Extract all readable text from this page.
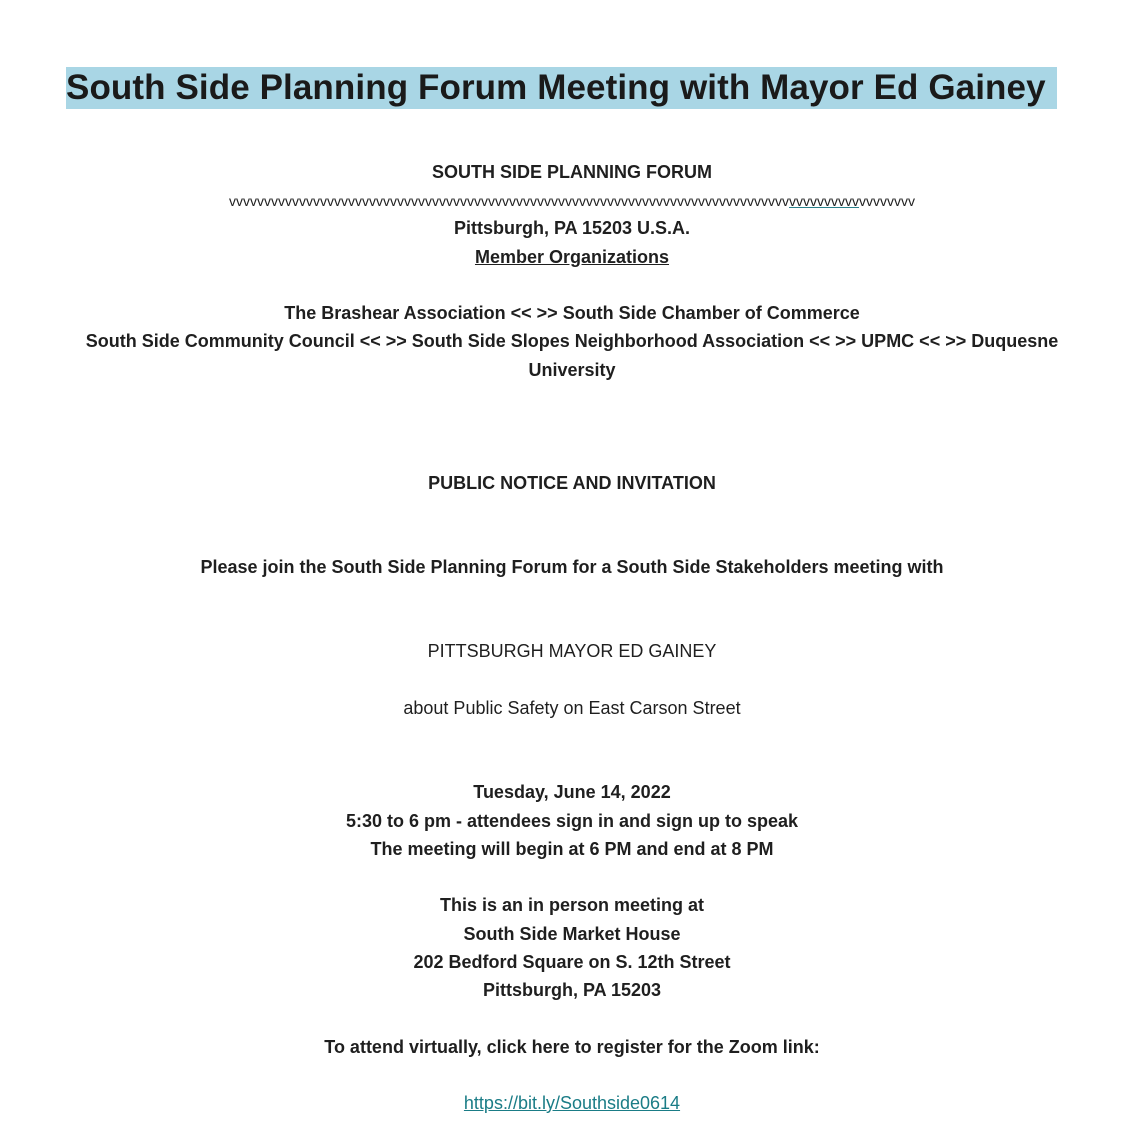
South Side Planning Forum Meeting with Mayor Ed Gainey
SOUTH SIDE PLANNING FORUM
vvvvvvvvvvvvvvvvvvvvvvvvvvvvvvvvvvvvvvvvvvvvvvvvvvvvvvvvvvvvvvvvvvvvvvvvvvvvvvvvvvvvvvvvvvvvvvvvvv
Pittsburgh, PA 15203 U.S.A.
Member Organizations
The Brashear Association << >> South Side Chamber of Commerce
South Side Community Council << >> South Side Slopes Neighborhood Association << >> UPMC << >> Duquesne
University
PUBLIC NOTICE AND INVITATION
Please join the South Side Planning Forum for a South Side Stakeholders meeting with
PITTSBURGH MAYOR ED GAINEY
about Public Safety on East Carson Street
Tuesday, June 14, 2022
5:30 to 6 pm - attendees sign in and sign up to speak
The meeting will begin at 6 PM and end at 8 PM
This is an in person meeting at
South Side Market House
202 Bedford Square on S. 12th Street
Pittsburgh, PA 15203
To attend virtually, click here to register for the Zoom link:
https://bit.ly/Southside0614
